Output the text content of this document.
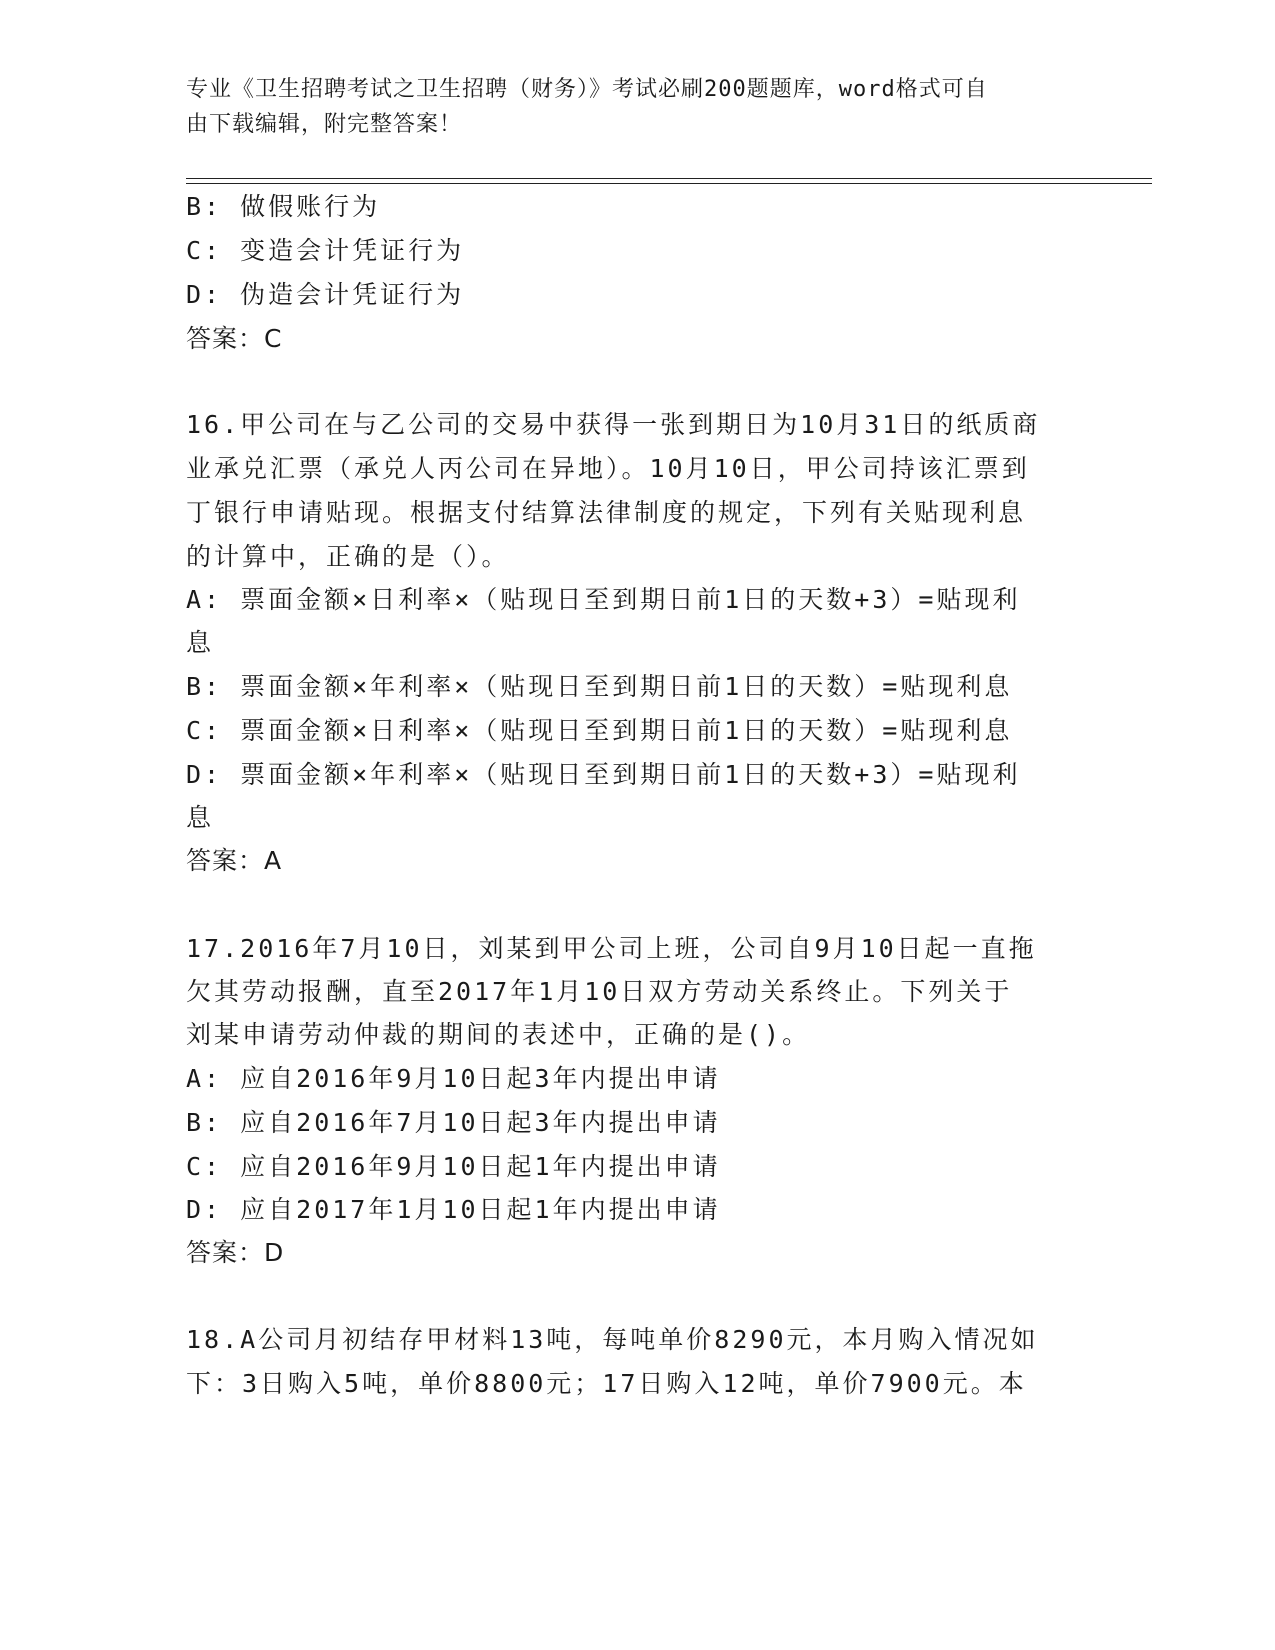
专业《卫生招聘考试之卫生招聘（财务）》考试必刷200题题库，word格式可自
由下载编辑，附完整答案！
B: 做假账行为
C: 变造会计凭证行为
D: 伪造会计凭证行为
答案：C
16.甲公司在与乙公司的交易中获得一张到期日为10月31日的纸质商
业承兑汇票（承兑人丙公司在异地）。10月10日，甲公司持该汇票到
丁银行申请贴现。根据支付结算法律制度的规定，下列有关贴现利息
的计算中，正确的是（）。
A: 票面金额×日利率×（贴现日至到期日前1日的天数+3）=贴现利
息
B: 票面金额×年利率×（贴现日至到期日前1日的天数）=贴现利息
C: 票面金额×日利率×（贴现日至到期日前1日的天数）=贴现利息
D: 票面金额×年利率×（贴现日至到期日前1日的天数+3）=贴现利
息
答案：A
17.2016年7月10日，刘某到甲公司上班，公司自9月10日起一直拖
欠其劳动报酬，直至2017年1月10日双方劳动关系终止。下列关于
刘某申请劳动仲裁的期间的表述中，正确的是()。
A: 应自2016年9月10日起3年内提出申请
B: 应自2016年7月10日起3年内提出申请
C: 应自2016年9月10日起1年内提出申请
D: 应自2017年1月10日起1年内提出申请
答案：D
18.A公司月初结存甲材料13吨，每吨单价8290元，本月购入情况如
下：3日购入5吨，单价8800元；17日购入12吨，单价7900元。本
